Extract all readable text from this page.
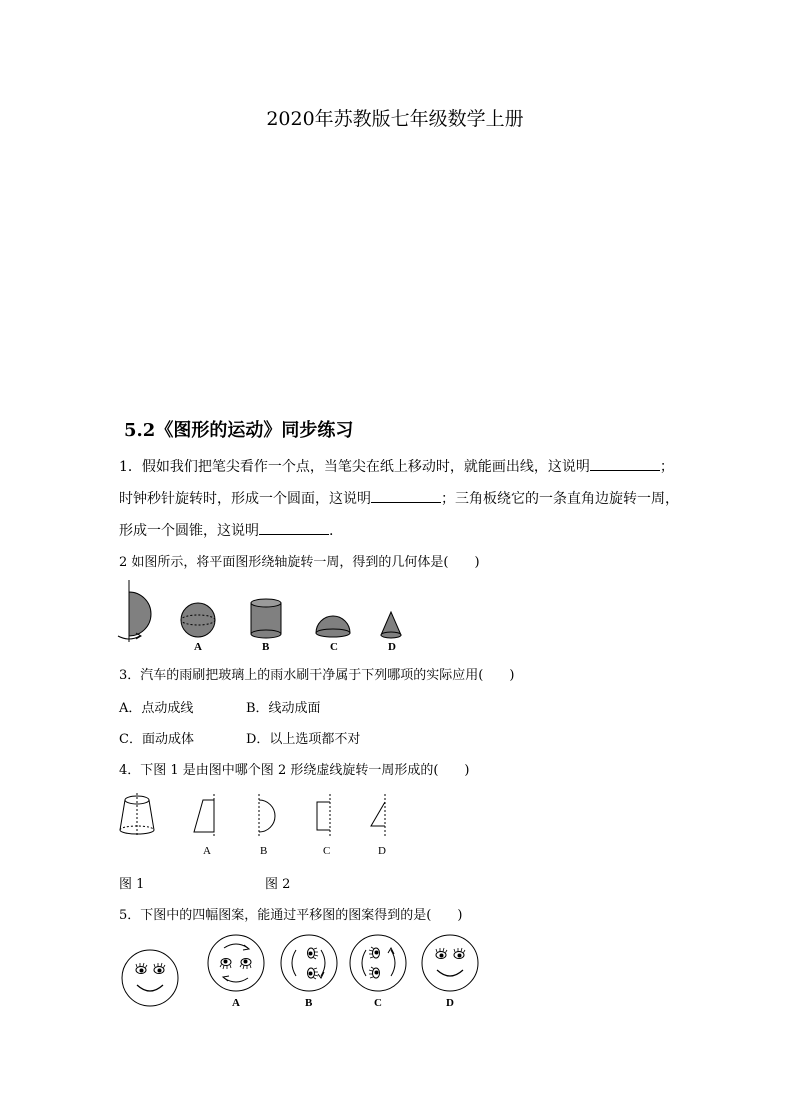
2020年苏教版七年级数学上册
5.2《图形的运动》同步练习
1．假如我们把笔尖看作一个点，当笔尖在纸上移动时，就能画出线，这说明	；
时钟秒针旋转时，形成一个圆面，这说明	；三角板绕它的一条直角边旋转一周，
形成一个圆锥，这说明	.
2 如图所示，将平面图形绕轴旋转一周，得到的几何体是(　　)
A	B	C	D
3．汽车的雨刷把玻璃上的雨水刷干净属于下列哪项的实际应用(　　)
A．点动成线	B．线动成面
C．面动成体	D．以上选项都不对
4．下图 1 是由图中哪个图 2 形绕虚线旋转一周形成的(　　)
A	B	C	D
图 1	图 2
5．下图中的四幅图案，能通过平移图的图案得到的是(　　)
A	B	C	D
